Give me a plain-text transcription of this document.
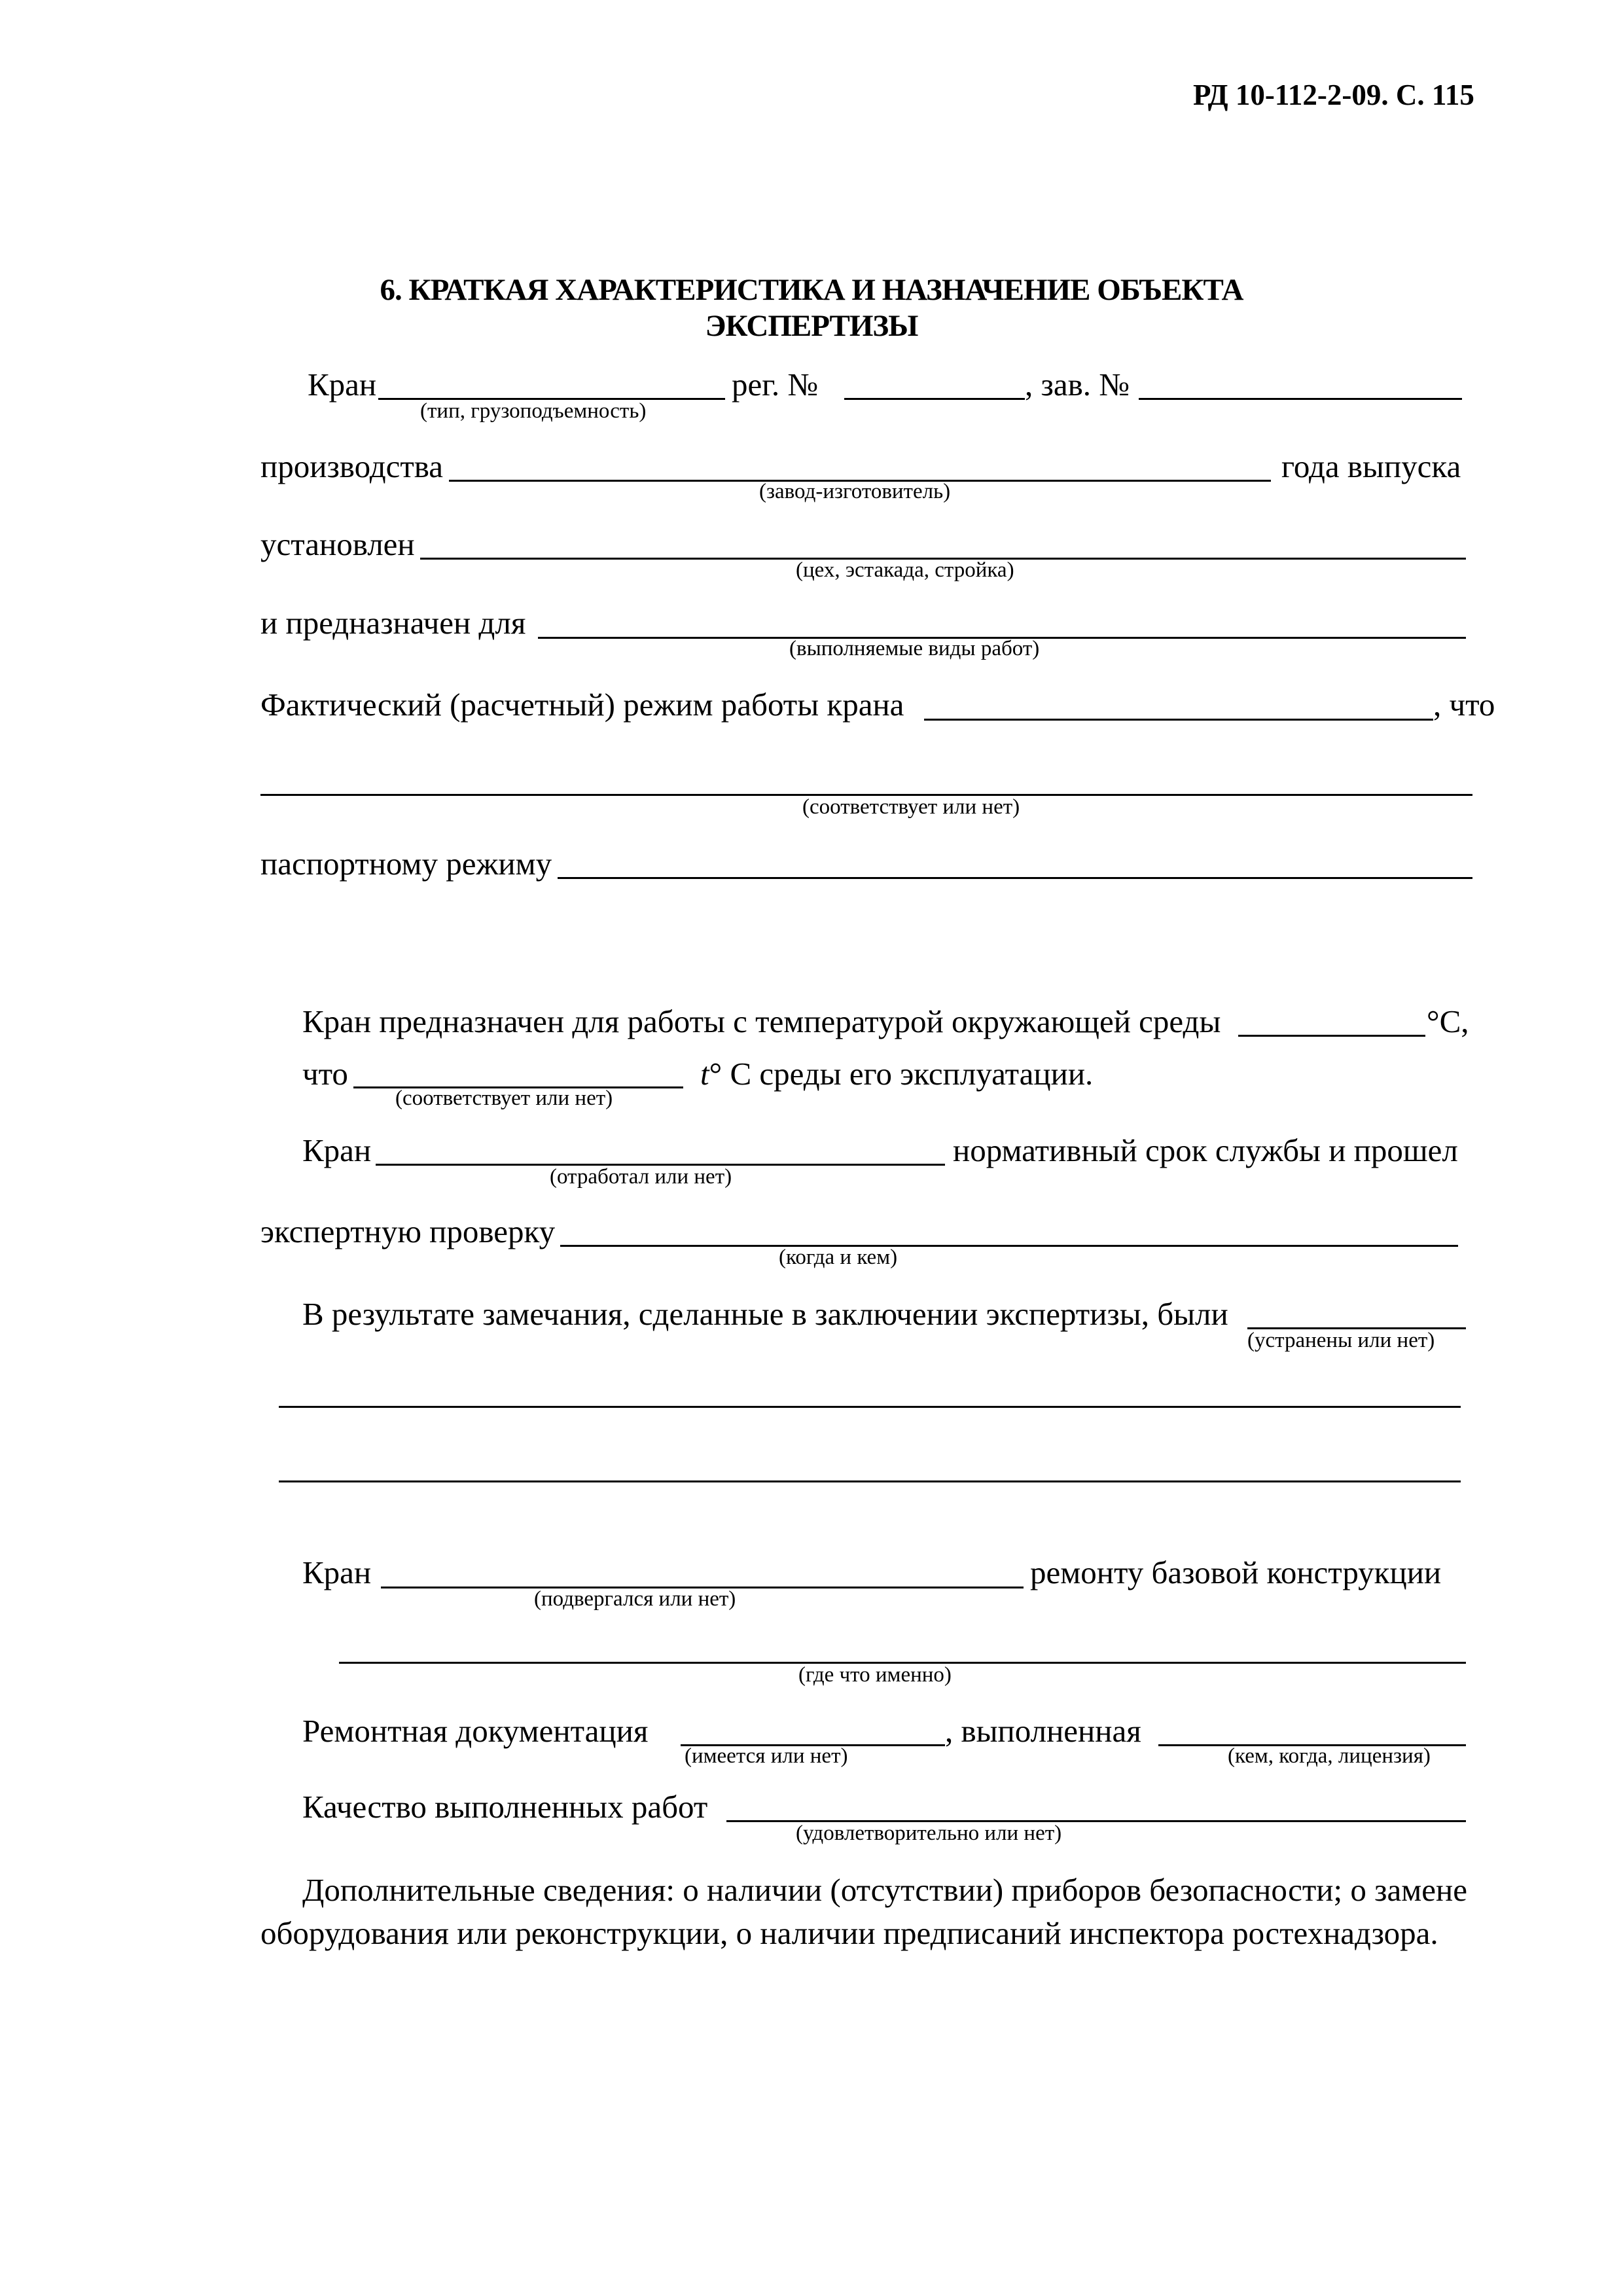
РД 10-112-2-09. С. 115
6. КРАТКАЯ ХАРАКТЕРИСТИКА И НАЗНАЧЕНИЕ ОБЪЕКТА
ЭКСПЕРТИЗЫ
Кран
(тип, грузоподъемность)
рег. №	, зав. №
производства
(завод-изготовитель)
года выпуска
установлен
(цех, эстакада, стройка)
и предназначен для
(выполняемые виды работ)
Фактический (расчетный) режим работы крана	, что
(соответствует или нет)
паспортному режиму
Кран предназначен для работы с температурой окружающей среды	°С,
что
(соответствует или нет)
t° С среды его эксплуатации.
Кран
(отработал или нет)
нормативный срок службы и прошел
экспертную проверку
(когда и кем)
В результате замечания, сделанные в заключении экспертизы, были
(устранены или нет)
Кран
(подвергался или нет)
ремонту базовой конструкции
(где что именно)
Ремонтная документация
(имеется или нет)
, выполненная
(кем, когда, лицензия)
Качество выполненных работ
(удовлетворительно или нет)
Дополнительные сведения: о наличии (отсутствии) приборов безопасности; о замене
оборудования или реконструкции, о наличии предписаний инспектора ростехнадзора.
